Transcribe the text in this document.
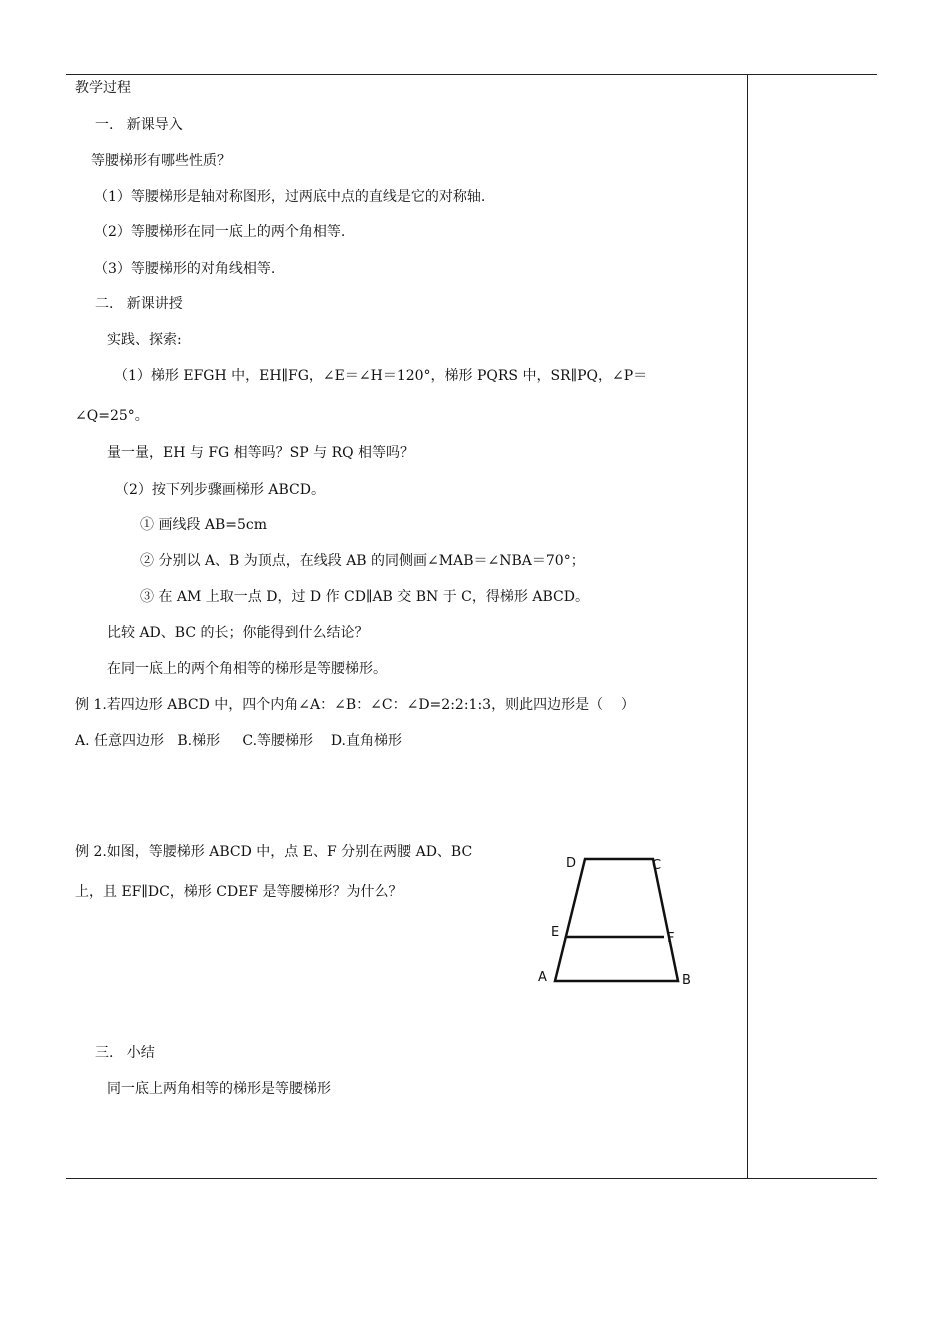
教学过程
一.   新课导入
等腰梯形有哪些性质？
（1）等腰梯形是轴对称图形，过两底中点的直线是它的对称轴.
（2）等腰梯形在同一底上的两个角相等.
（3）等腰梯形的对角线相等.
二.   新课讲授
实践、探索:
（1）梯形 EFGH 中，EH∥FG，∠E＝∠H＝120°，梯形 PQRS 中，SR∥PQ，∠P＝
∠Q=25°。
量一量，EH 与 FG 相等吗？SP 与 RQ 相等吗？
（2）按下列步骤画梯形 ABCD。
① 画线段 AB=5cm
② 分别以 A、B 为顶点，在线段 AB 的同侧画∠MAB＝∠NBA＝70°；
③ 在 AM 上取一点 D，过 D 作 CD∥AB 交 BN 于 C，得梯形 ABCD。
比较 AD、BC 的长；你能得到什么结论？
在同一底上的两个角相等的梯形是等腰梯形。
例 1.若四边形 ABCD 中，四个内角∠A：∠B：∠C：∠D=2:2:1:3，则此四边形是（    ）
A. 任意四边形   B.梯形     C.等腰梯形    D.直角梯形
例 2.如图，等腰梯形 ABCD 中，点 E、F 分别在两腰 AD、BC
上，且 EF∥DC，梯形 CDEF 是等腰梯形？为什么？
三.   小结
同一底上两角相等的梯形是等腰梯形
D	C
E	F
A	B
